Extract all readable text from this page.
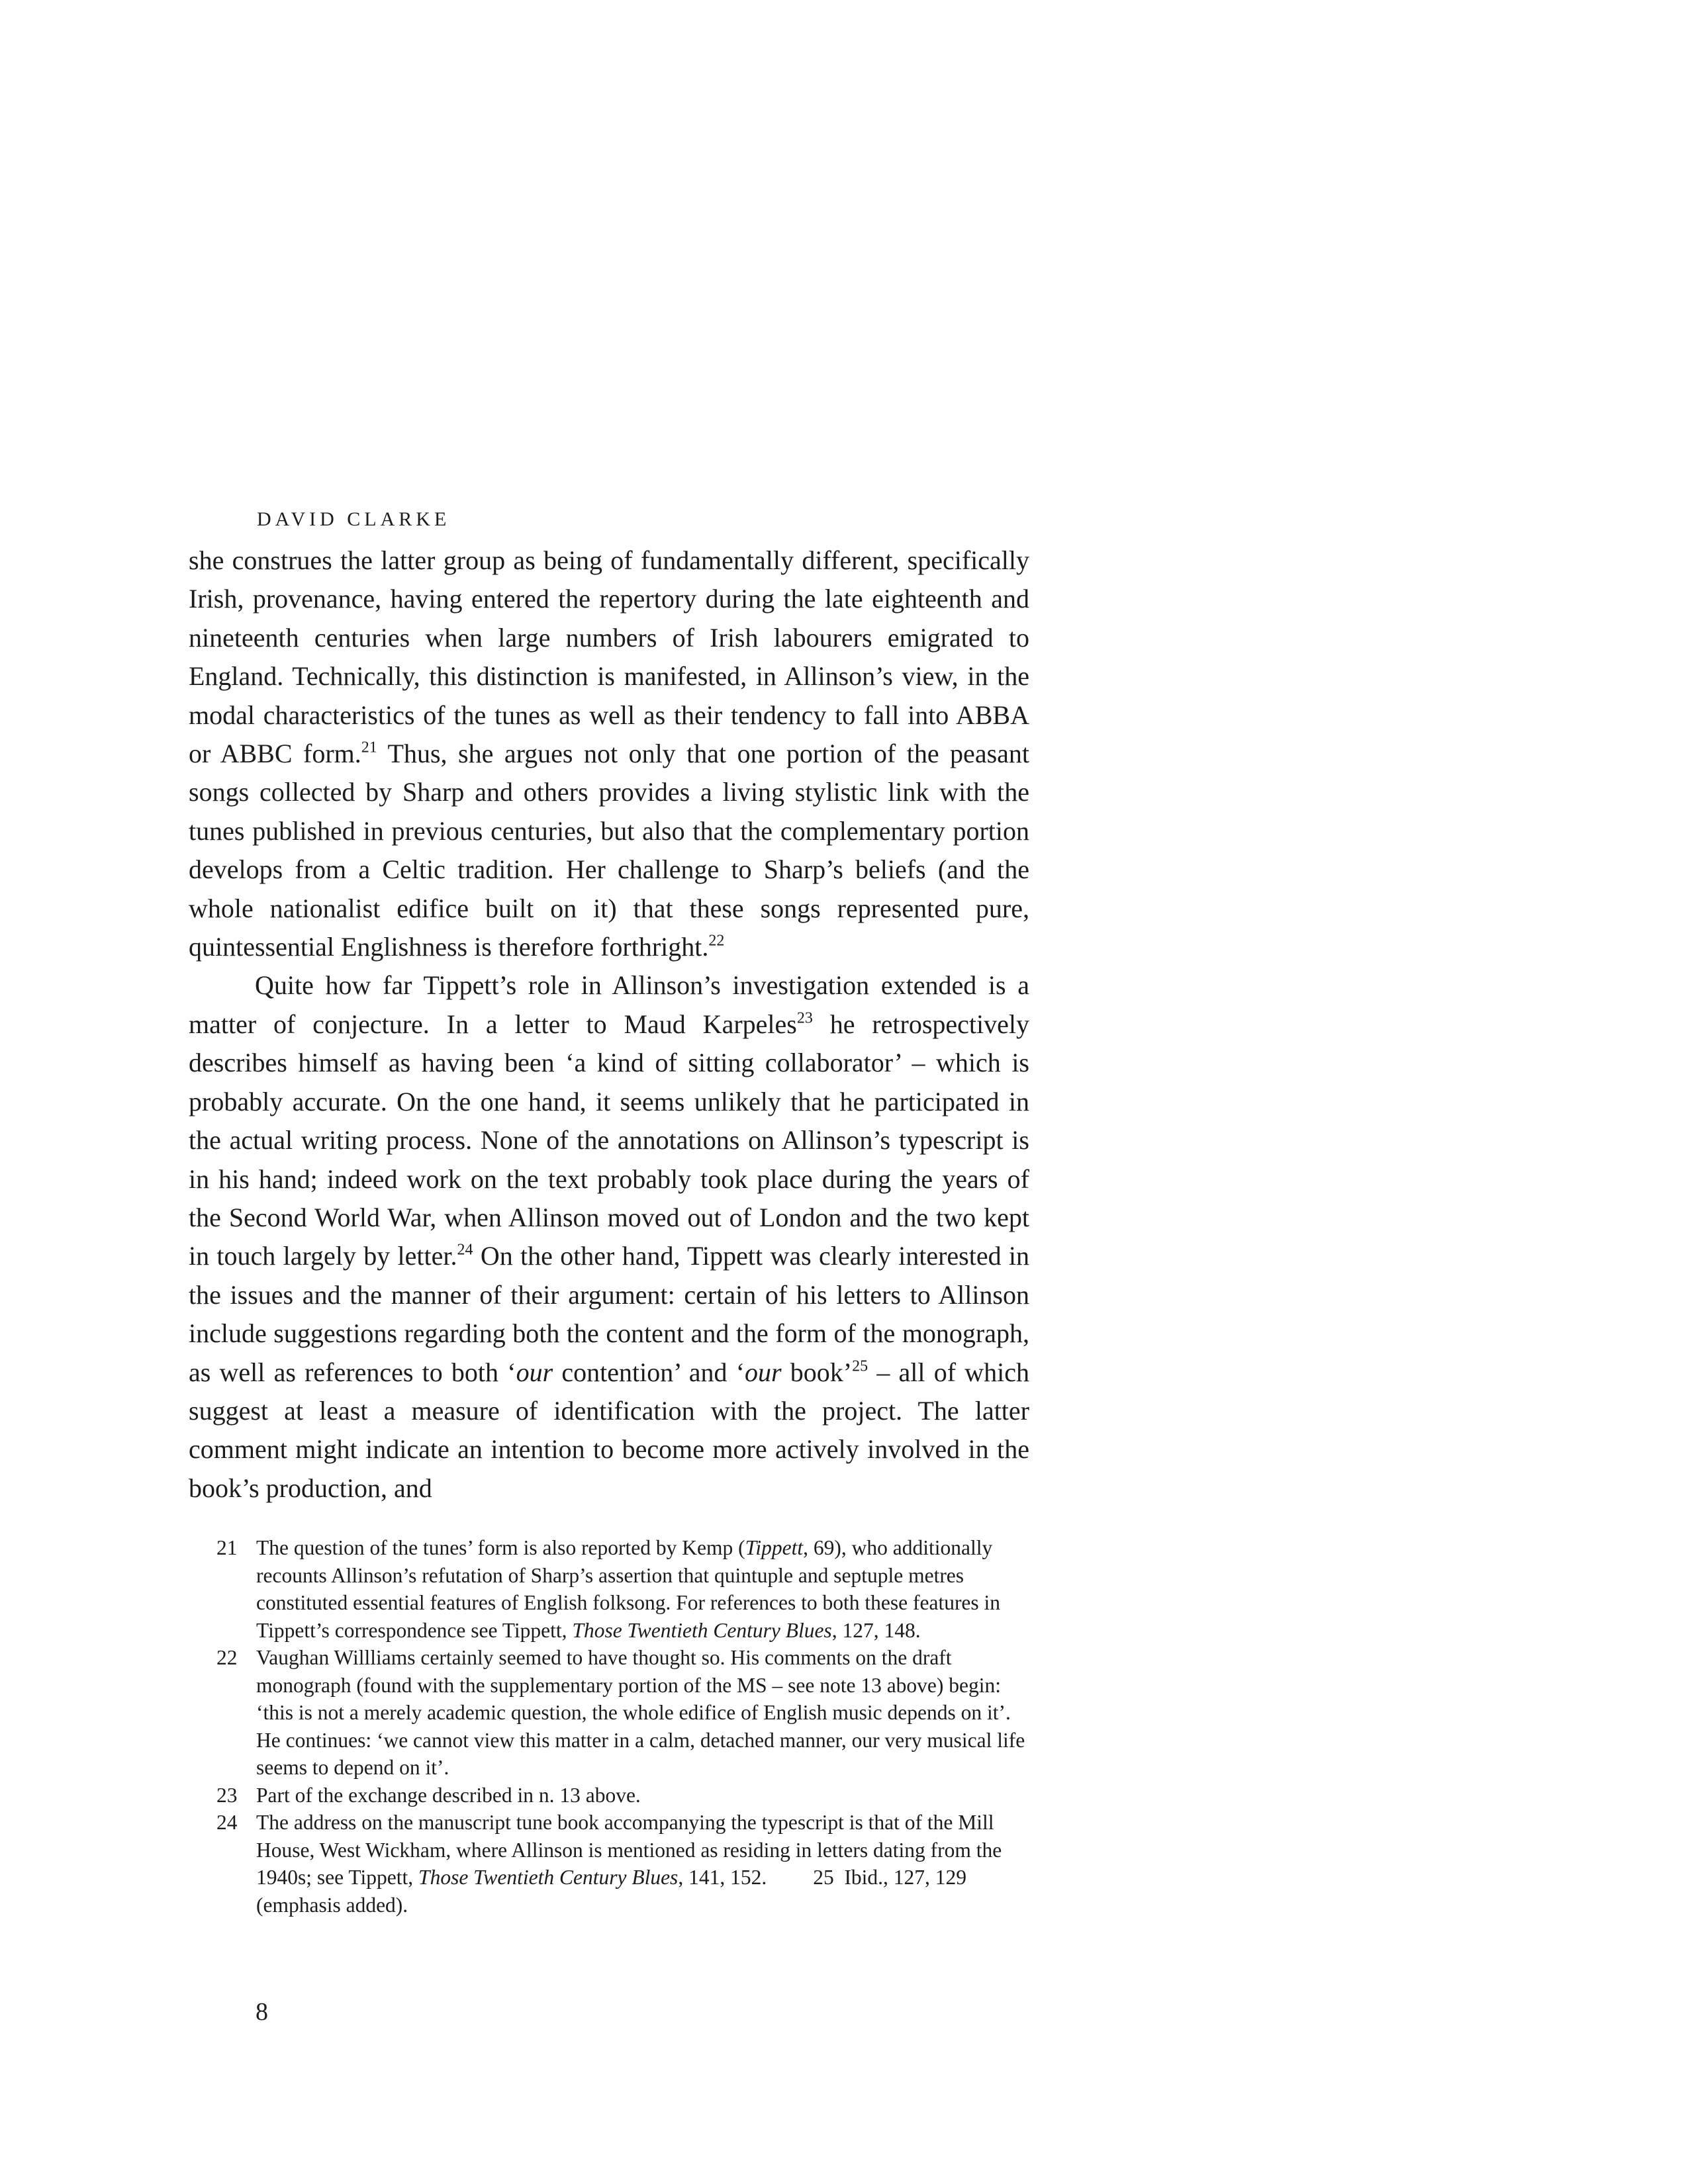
DAVID CLARKE

she construes the latter group as being of fundamentally different, specifically Irish, provenance, having entered the repertory during the late eighteenth and nineteenth centuries when large numbers of Irish labourers emigrated to England. Technically, this distinction is manifested, in Allinson’s view, in the modal characteristics of the tunes as well as their tendency to fall into ABBA or ABBC form.$^{21}$ Thus, she argues not only that one portion of the peasant songs collected by Sharp and others provides a living stylistic link with the tunes published in previous centuries, but also that the complementary portion develops from a Celtic tradition. Her challenge to Sharp’s beliefs (and the whole nationalist edifice built on it) that these songs represented pure, quintessential Englishness is therefore forthright.$^{22}$

Quite how far Tippett’s role in Allinson’s investigation extended is a matter of conjecture. In a letter to Maud Karpeles$^{23}$ he retrospectively describes himself as having been ‘a kind of sitting collaborator’ – which is probably accurate. On the one hand, it seems unlikely that he participated in the actual writing process. None of the annotations on Allinson’s typescript is in his hand; indeed work on the text probably took place during the years of the Second World War, when Allinson moved out of London and the two kept in touch largely by letter.$^{24}$ On the other hand, Tippett was clearly interested in the issues and the manner of their argument: certain of his letters to Allinson include suggestions regarding both the content and the form of the monograph, as well as references to both ‘our contention’ and ‘our book’$^{25}$ – all of which suggest at least a measure of identification with the project. The latter comment might indicate an intention to become more actively involved in the book’s production, and

21 The question of the tunes’ form is also reported by Kemp (Tippett, 69), who additionally recounts Allinson’s refutation of Sharp’s assertion that quintuple and septuple metres constituted essential features of English folksong. For references to both these features in Tippett’s correspondence see Tippett, Those Twentieth Century Blues, 127, 148.
22 Vaughan Willliams certainly seemed to have thought so. His comments on the draft monograph (found with the supplementary portion of the MS – see note 13 above) begin: ‘this is not a merely academic question, the whole edifice of English music depends on it’. He continues: ‘we cannot view this matter in a calm, detached manner, our very musical life seems to depend on it’.
23 Part of the exchange described in n. 13 above.
24 The address on the manuscript tune book accompanying the typescript is that of the Mill House, West Wickham, where Allinson is mentioned as residing in letters dating from the 1940s; see Tippett, Those Twentieth Century Blues, 141, 152. 25 Ibid., 127, 129 (emphasis added).
8
